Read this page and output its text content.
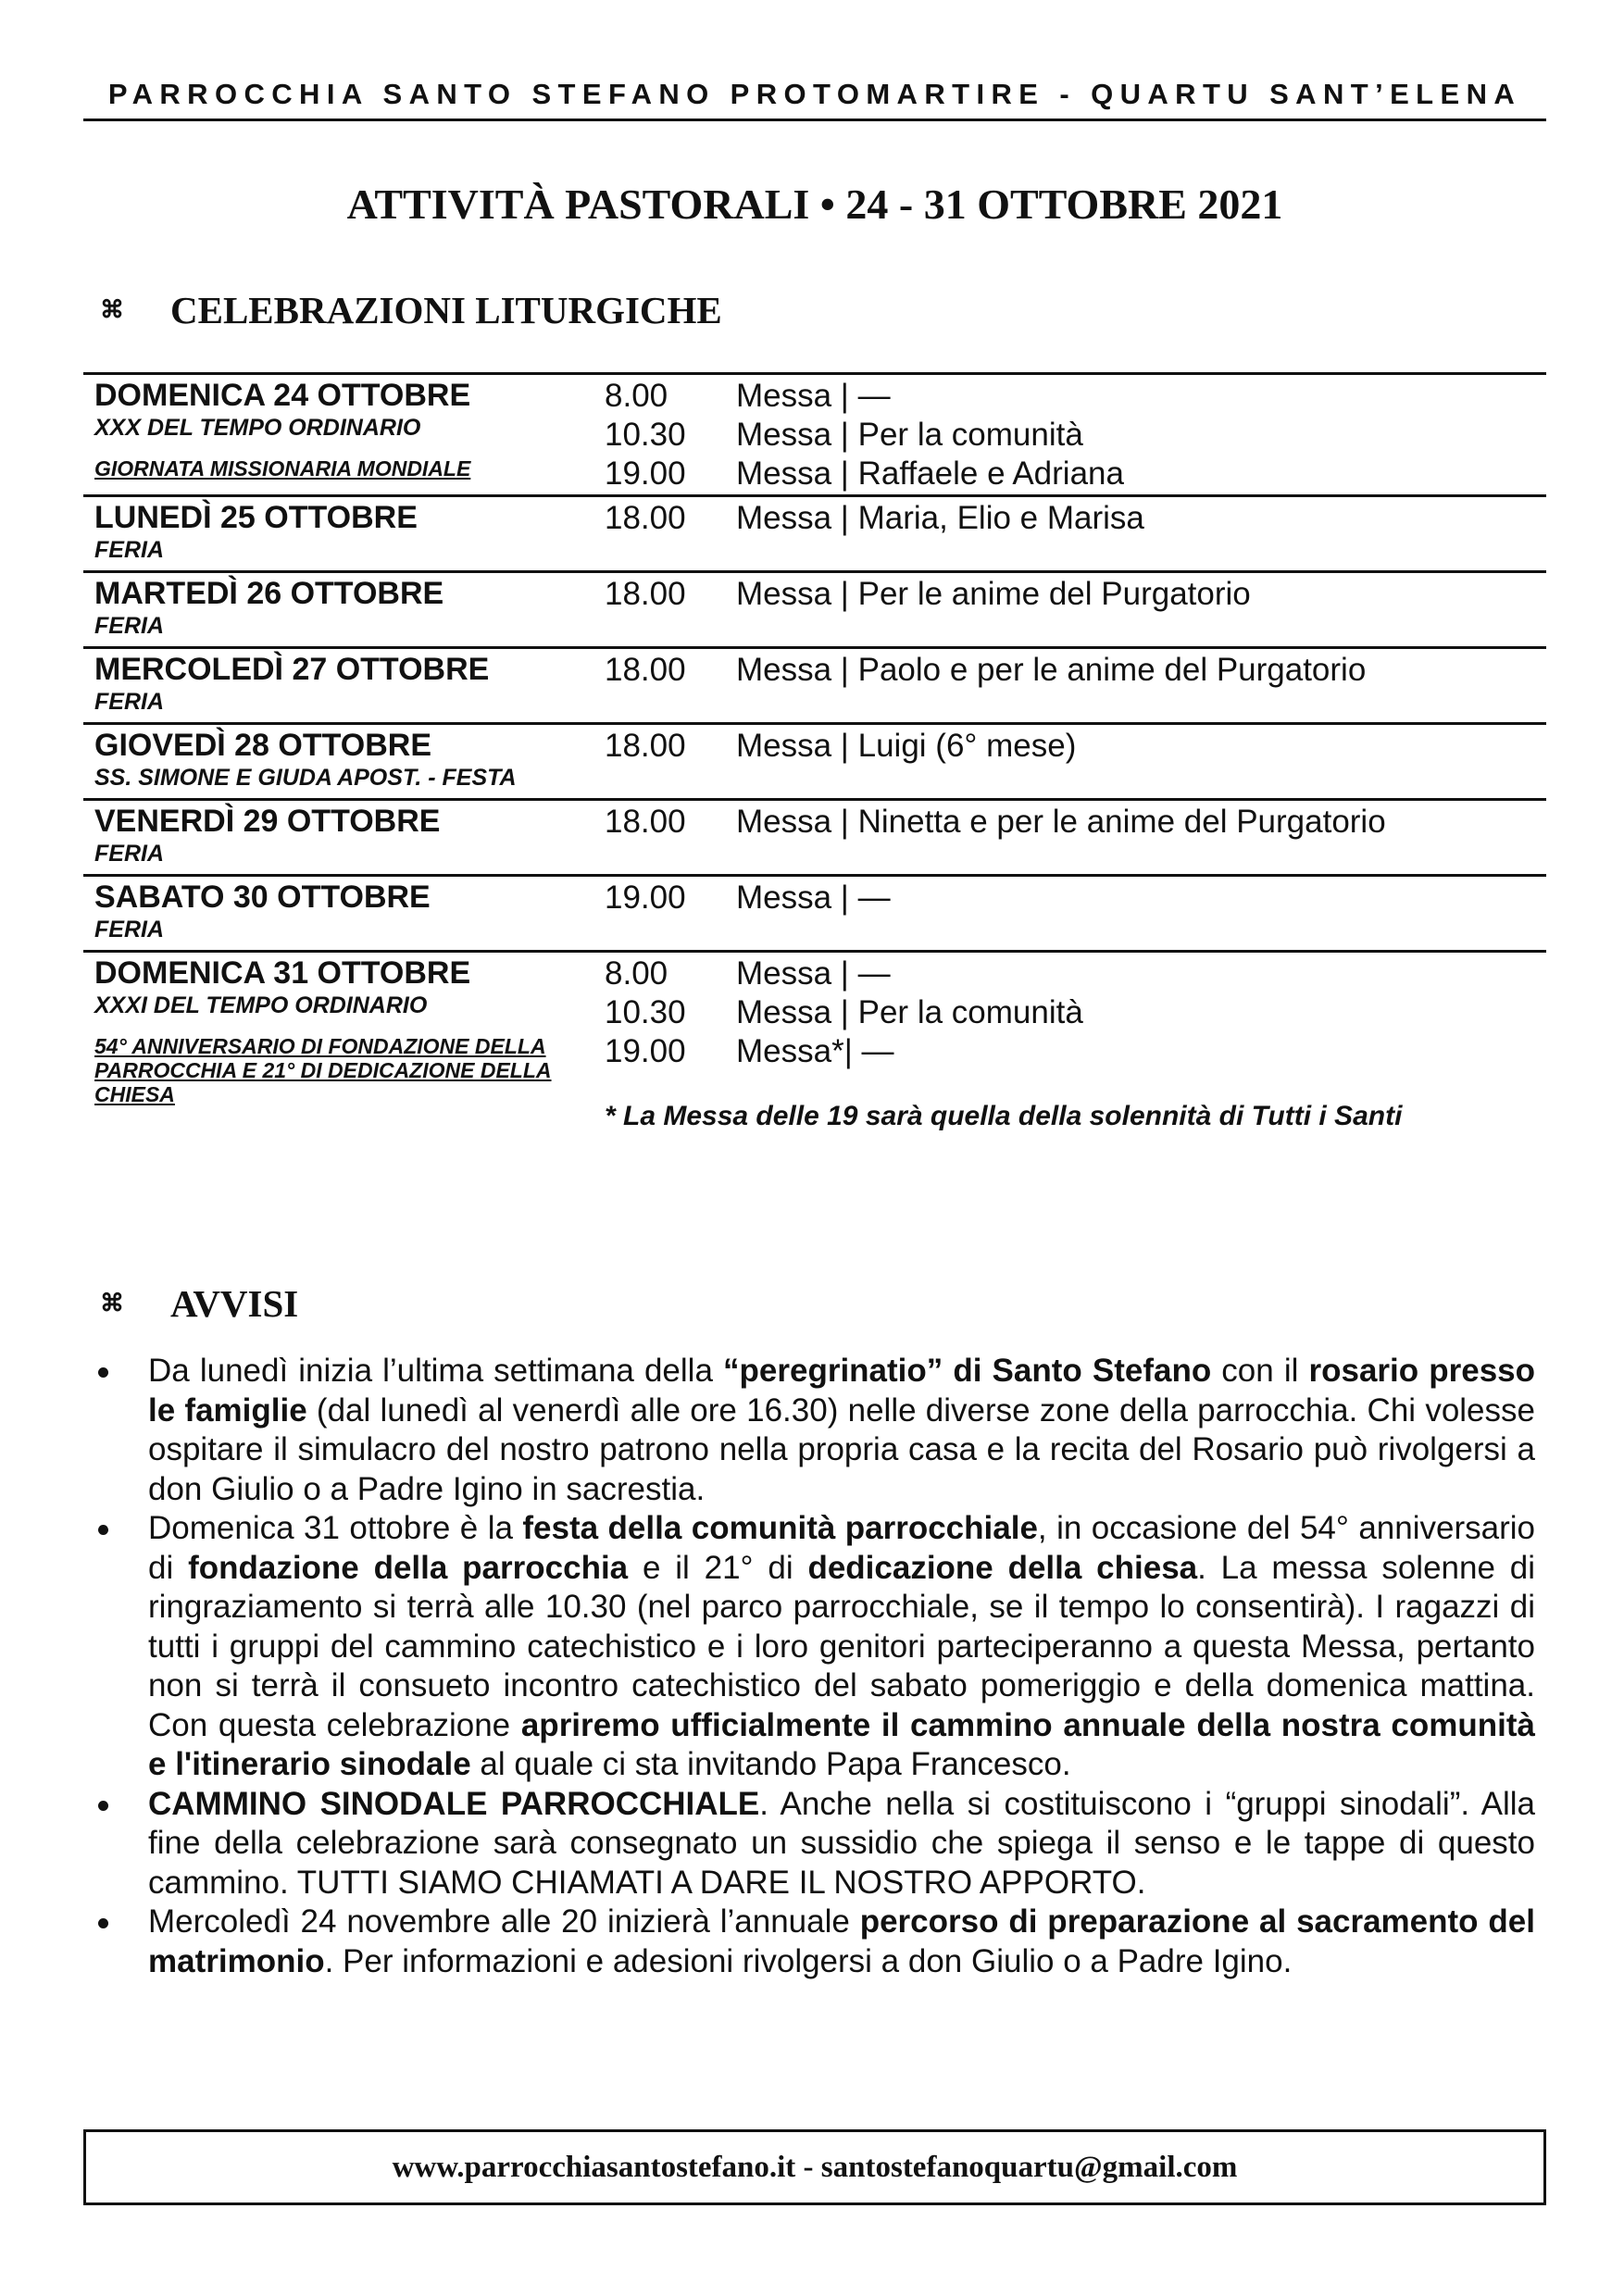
PARROCCHIA SANTO STEFANO PROTOMARTIRE - QUARTU SANT’ELENA
ATTIVITÀ PASTORALI • 24 - 31 OTTOBRE 2021
⌘	CELEBRAZIONI LITURGICHE
DOMENICA 24 OTTOBRE
XXX DEL TEMPO ORDINARIO
GIORNATA MISSIONARIA MONDIALE
8.00 Messa | —
10.30 Messa | Per la comunità
19.00 Messa | Raffaele e Adriana
LUNEDÌ 25 OTTOBRE
FERIA
18.00 Messa | Maria, Elio e Marisa
MARTEDÌ 26 OTTOBRE
FERIA
18.00 Messa | Per le anime del Purgatorio
MERCOLEDÌ 27 OTTOBRE
FERIA
18.00 Messa | Paolo e per le anime del Purgatorio
GIOVEDÌ 28 OTTOBRE
SS. SIMONE E GIUDA APOST. - FESTA
18.00 Messa | Luigi (6° mese)
VENERDÌ 29 OTTOBRE
FERIA
18.00 Messa | Ninetta e per le anime del Purgatorio
SABATO 30 OTTOBRE
FERIA
19.00 Messa | —
DOMENICA 31 OTTOBRE
XXXI DEL TEMPO ORDINARIO
54° ANNIVERSARIO DI FONDAZIONE DELLA PARROCCHIA E 21° DI DEDICAZIONE DELLA CHIESA
8.00 Messa | —
10.30 Messa | Per la comunità
19.00 Messa*| —
* La Messa delle 19 sarà quella della solennità di Tutti i Santi
⌘	AVVISI
Da lunedì inizia l’ultima settimana della “peregrinatio” di Santo Stefano con il rosario presso le famiglie (dal lunedì al venerdì alle ore 16.30) nelle diverse zone della parrocchia. Chi volesse ospitare il simulacro del nostro patrono nella propria casa e la recita del Rosario può rivolgersi a don Giulio o a Padre Igino in sacrestia.
Domenica 31 ottobre è la festa della comunità parrocchiale, in occasione del 54° anniversario di fondazione della parrocchia e il 21° di dedicazione della chiesa. La messa solenne di ringraziamento si terrà alle 10.30 (nel parco parrocchiale, se il tempo lo consentirà). I ragazzi di tutti i gruppi del cammino catechistico e i loro genitori parteciperanno a questa Messa, pertanto non si terrà il consueto incontro catechistico del sabato pomeriggio e della domenica mattina. Con questa celebrazione apriremo ufficialmente il cammino annuale della nostra comunità e l'itinerario sinodale al quale ci sta invitando Papa Francesco.
CAMMINO SINODALE PARROCCHIALE. Anche nella si costituiscono i “gruppi sinodali”. Alla fine della celebrazione sarà consegnato un sussidio che spiega il senso e le tappe di questo cammino. TUTTI SIAMO CHIAMATI A DARE IL NOSTRO APPORTO.
Mercoledì 24 novembre alle 20 inizierà l’annuale percorso di preparazione al sacramento del matrimonio. Per informazioni e adesioni rivolgersi a don Giulio o a Padre Igino.
www.parrocchiasantostefano.it - santostefanoquartu@gmail.com
